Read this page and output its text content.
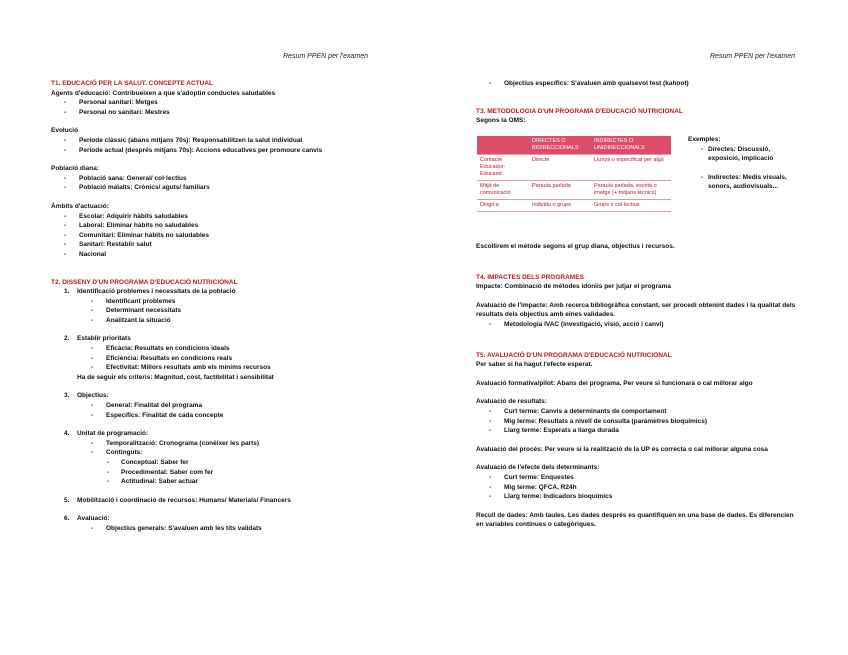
Resum PPEN per l'examen
T1. EDUCACIÓ PER LA SALUT. CONCEPTE ACTUAL
Agents d'educació: Contribueixen a que s'adoptin conductes saludables
- Personal sanitari: Metges
- Personal no sanitari: Mestres
Evolució
- Període clàssic (abans mitjans 70s): Responsabilitzen la salut individual
- Període actual (després mitjans 70s): Accions educatives per promoure canvis
Població diana:
- Població sana: General/ col·lectius
- Població malalts: Crònics/ aguts/ familiars
Àmbits d'actuació:
- Escolar: Adquirir hàbits saludables
- Laboral: Eliminar hàbits no saludables
- Comunitari: Eliminar hàbits no saludables
- Sanitari: Restablir salut
- Nacional
T2. DISSENY D'UN PROGRAMA D'EDUCACIÓ NUTRICIONAL
1. Identificació problemes i necessitats de la població
- Identificant problemes
- Determinant necessitats
- Analitzant la situació
2. Establir prioritats
- Eficàcia: Resultats en condicions ideals
- Eficiència: Resultats en condicions reals
- Efectivitat: Millors resultats amb els mínims recursos
Ha de seguir els criteris: Magnitud, cost, factibilitat i sensibilitat
3. Objectius:
- General: Finalitat del programa
- Específics: Finalitat de cada concepte
4. Unitat de programació:
- Temporalització: Cronograma (conèixer les parts)
- Continguts:
- Conceptual: Saber fer
- Procedimental: Saber com fer
- Actitudinal: Saber actuar
5. Mobilització i coordinació de recursos: Humans/ Materials/ Financers
6. Avaluació:
- Objectius generals: S'avaluen amb les tits validats
Resum PPEN per l'examen
- Objectius específics: S'avaluen amb qualsevol test (kahoot)
T3. METODOLOGIA D'UN PROGRAMA D'EDUCACIÓ NUTRICIONAL
Segons la OMS:
	DIRECTES O BIDIRECCIONALS	INDIRECTES O UNIDIRECCIONALS
Contacte Educador-Educand	Directe	Llunyà o especificat per algú
Mitjà de comunicació	Paraula parlada	Paraula parlada, escrita o imatge (+ mitjans tècnics)
Dirigit a	Individu o grups	Grups o col·lectius
Exemples:
- Directes: Discussió, exposició, implicació
- Indirectes: Medis visuals, sonors, audiovisuals...
Escollirem el mètode segons el grup diana, objectius i recursos.
T4. IMPACTES DELS PROGRAMES
Impacte: Combinació de mètodes idòniis per jutjar el programa
Avaluació de l'impacte: Amb recerca bibliogràfica constant, ser procedi obtenint dades i la qualitat dels resultats dels objectius amb eines validades.
- Metodologia IVAC (investigació, visió, acció i canvi)
T5. AVALUACIÓ D'UN PROGRAMA D'EDUCACIÓ NUTRICIONAL
Per saber si ha hagut l'efecte esperat.
Avaluació formativa/pilot: Abans del programa. Per veure si funcionarà o cal millorar algo
Avaluació de resultats:
- Curt terme: Canvis a determinants de comportament
- Mig terme: Resultats a nivell de consulta (paràmetres bioquímics)
- Llarg terme: Esperats a llarga durada
Avaluació del procés: Per veure si la realització de la UP és correcta o cal millorar alguna cosa
Avaluació de l'efecte dels determinants:
- Curt terme: Enquestes
- Mig terme: QFCA, R24h
- Llarg terme: Indicadors bioquímics
Recull de dades: Amb taules. Les dades després es quantifiquen en una base de dades. Es diferencien en variables contínues o categòriques.
